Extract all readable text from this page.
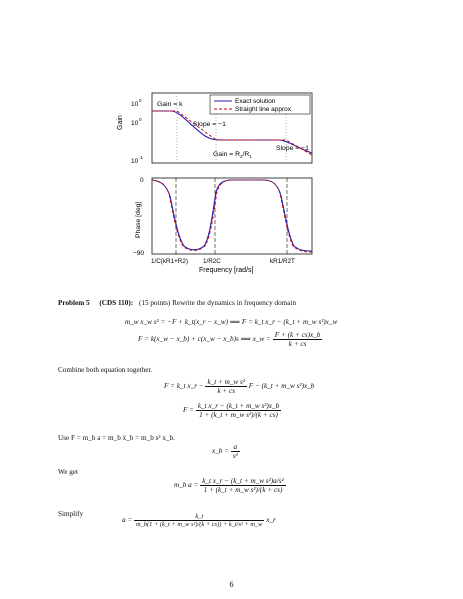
10
0
10
0
10
-1
Gain
Gain = k
Slope = −1
Gain = $R_2/R_1$
Slope = −1
Exact solution
Straight line approx
0
−90
Phase [deg]
1/C(kR1+R2) 1/R2C	kR1/R2T
Frequency [rad/s]
Problem 5 (CDS 110): (15 points) Rewrite the dynamics in frequency domain
m_w x_w s² = −F + k_t(x_r − x_w) ⟹ F = k_t x_r − (k_t + m_w s²)x_w
F = k(x_w − x_b) + c(x_w − x_b)s ⟹ x_w = $\frac{F + (k + cs)x\_b}{k + cs}$
Combine both equation together.
F = k_t x_r − $\frac{\text{k\_t + m\_w s²}}{k + cs}$ F − (k_t + m_w s²)x_b
$F = \frac{\text{k\_t x\_r − (k\_t + m\_w s²)x\_b}}{\text{1 + (k\_t + m\_w s²)/(k + cs)}}$
Use F = m_b a = m_b ẍ_b = m_b s² x_b.
x_b = $\frac{a}{\text{s²}}$
We get
m_b $a = \frac{\text{k\_t x\_r − (k\_t + m\_w s²)a/s²}}{\text{1 + (k\_t + m\_w s²)/(k + cs)}}$
Simplify
$a = \frac{k\_t}{\text{m\_b(1 + (k\_t + m\_w s²)/(k + cs)) + k\_t/s² + m\_w}}$ x_r
6
